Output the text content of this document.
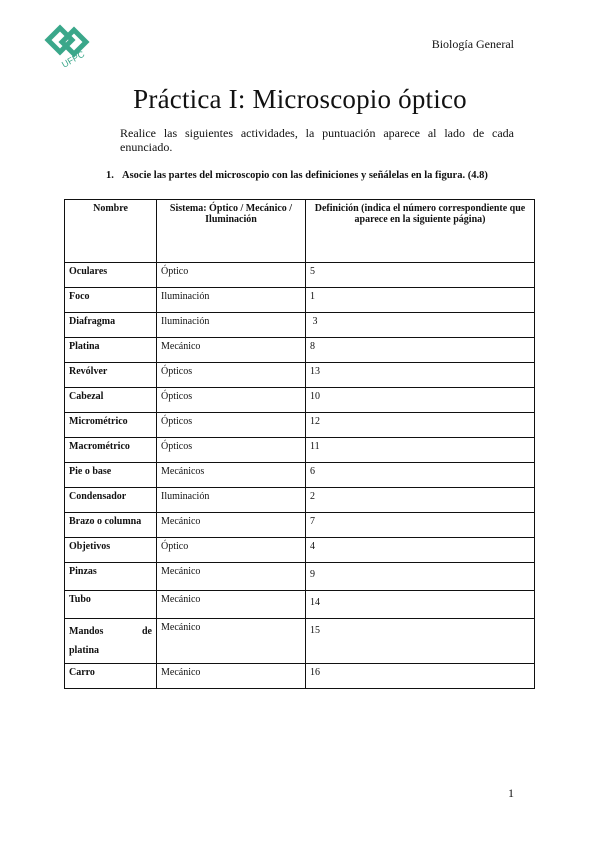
UFPC
Biología General
Práctica I: Microscopio óptico

Realice las siguientes actividades, la puntuación aparece al lado de cada enunciado.

1. Asocie las partes del microscopio con las definiciones y señálelas en la figura. (4.8)
Nombre	Sistema: Óptico / Mecánico / Iluminación	Definición (indica el número correspondiente que aparece en la siguiente página)
Oculares	Óptico	5
Foco	Iluminación	1
Diafragma	Iluminación	3
Platina	Mecánico	8
Revólver	Ópticos	13
Cabezal	Ópticos	10
Micrométrico	Ópticos	12
Macrométrico	Ópticos	11
Pie o base	Mecánicos	6
Condensador	Iluminación	2
Brazo o columna	Mecánico	7
Objetivos	Óptico	4
Pinzas	Mecánico	9
Tubo	Mecánico	14

Mandos de
platina	Mecánico	15
Carro	Mecánico	16
1
